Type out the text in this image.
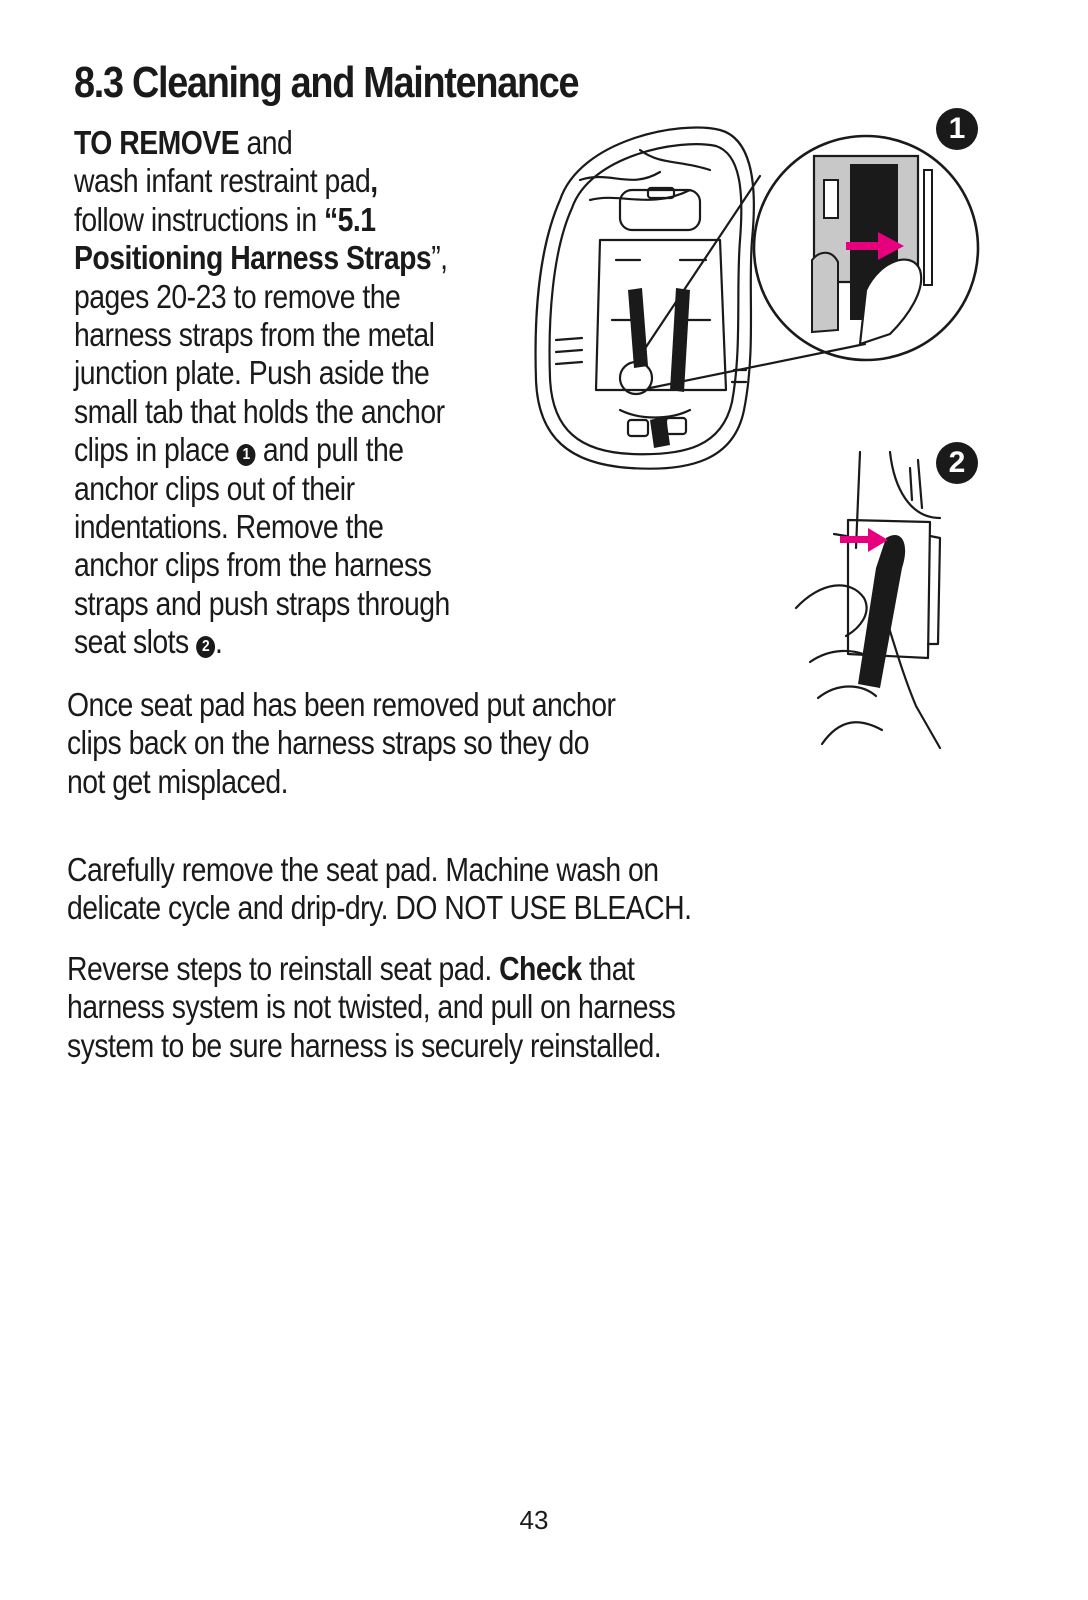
8.3 Cleaning and Maintenance
TO REMOVE and
wash infant restraint pad,
follow instructions in “5.1
Positioning Harness Straps”,
pages 20-23 to remove the
harness straps from the metal
junction plate. Push aside the
small tab that holds the anchor
clips in place 1 and pull the
anchor clips out of their
indentations. Remove the
anchor clips from the harness
straps and push straps through
seat slots 2 .
Once seat pad has been removed put anchor
clips back on the harness straps so they do
not get misplaced.
Carefully remove the seat pad. Machine wash on
delicate cycle and drip-dry. DO NOT USE BLEACH.
Reverse steps to reinstall seat pad. Check that
harness system is not twisted, and pull on harness
system to be sure harness is securely reinstalled.
1
2
43
